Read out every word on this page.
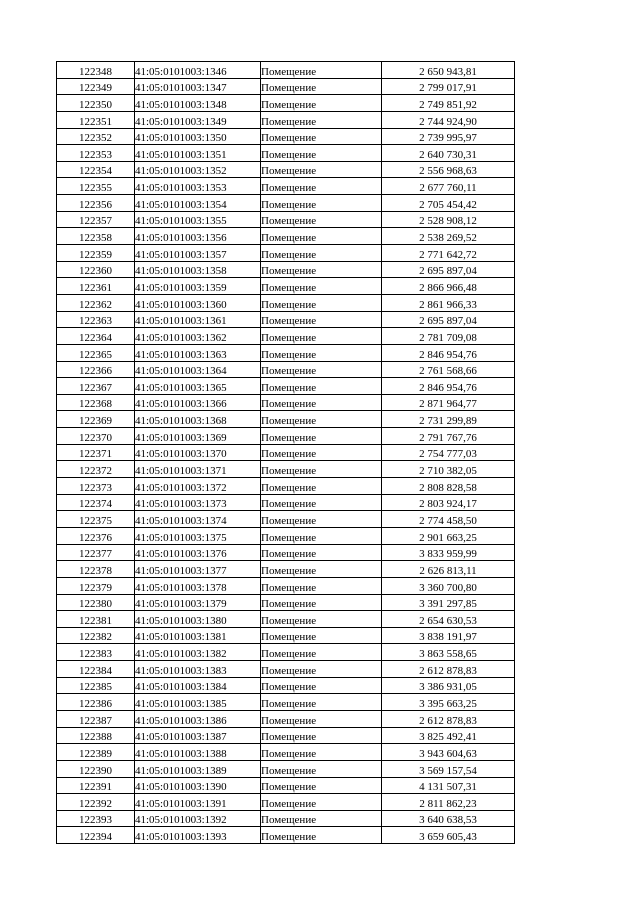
122348	41:05:0101003:1346	Помещение	2 650 943,81
122349	41:05:0101003:1347	Помещение	2 799 017,91
122350	41:05:0101003:1348	Помещение	2 749 851,92
122351	41:05:0101003:1349	Помещение	2 744 924,90
122352	41:05:0101003:1350	Помещение	2 739 995,97
122353	41:05:0101003:1351	Помещение	2 640 730,31
122354	41:05:0101003:1352	Помещение	2 556 968,63
122355	41:05:0101003:1353	Помещение	2 677 760,11
122356	41:05:0101003:1354	Помещение	2 705 454,42
122357	41:05:0101003:1355	Помещение	2 528 908,12
122358	41:05:0101003:1356	Помещение	2 538 269,52
122359	41:05:0101003:1357	Помещение	2 771 642,72
122360	41:05:0101003:1358	Помещение	2 695 897,04
122361	41:05:0101003:1359	Помещение	2 866 966,48
122362	41:05:0101003:1360	Помещение	2 861 966,33
122363	41:05:0101003:1361	Помещение	2 695 897,04
122364	41:05:0101003:1362	Помещение	2 781 709,08
122365	41:05:0101003:1363	Помещение	2 846 954,76
122366	41:05:0101003:1364	Помещение	2 761 568,66
122367	41:05:0101003:1365	Помещение	2 846 954,76
122368	41:05:0101003:1366	Помещение	2 871 964,77
122369	41:05:0101003:1368	Помещение	2 731 299,89
122370	41:05:0101003:1369	Помещение	2 791 767,76
122371	41:05:0101003:1370	Помещение	2 754 777,03
122372	41:05:0101003:1371	Помещение	2 710 382,05
122373	41:05:0101003:1372	Помещение	2 808 828,58
122374	41:05:0101003:1373	Помещение	2 803 924,17
122375	41:05:0101003:1374	Помещение	2 774 458,50
122376	41:05:0101003:1375	Помещение	2 901 663,25
122377	41:05:0101003:1376	Помещение	3 833 959,99
122378	41:05:0101003:1377	Помещение	2 626 813,11
122379	41:05:0101003:1378	Помещение	3 360 700,80
122380	41:05:0101003:1379	Помещение	3 391 297,85
122381	41:05:0101003:1380	Помещение	2 654 630,53
122382	41:05:0101003:1381	Помещение	3 838 191,97
122383	41:05:0101003:1382	Помещение	3 863 558,65
122384	41:05:0101003:1383	Помещение	2 612 878,83
122385	41:05:0101003:1384	Помещение	3 386 931,05
122386	41:05:0101003:1385	Помещение	3 395 663,25
122387	41:05:0101003:1386	Помещение	2 612 878,83
122388	41:05:0101003:1387	Помещение	3 825 492,41
122389	41:05:0101003:1388	Помещение	3 943 604,63
122390	41:05:0101003:1389	Помещение	3 569 157,54
122391	41:05:0101003:1390	Помещение	4 131 507,31
122392	41:05:0101003:1391	Помещение	2 811 862,23
122393	41:05:0101003:1392	Помещение	3 640 638,53
122394	41:05:0101003:1393	Помещение	3 659 605,43
